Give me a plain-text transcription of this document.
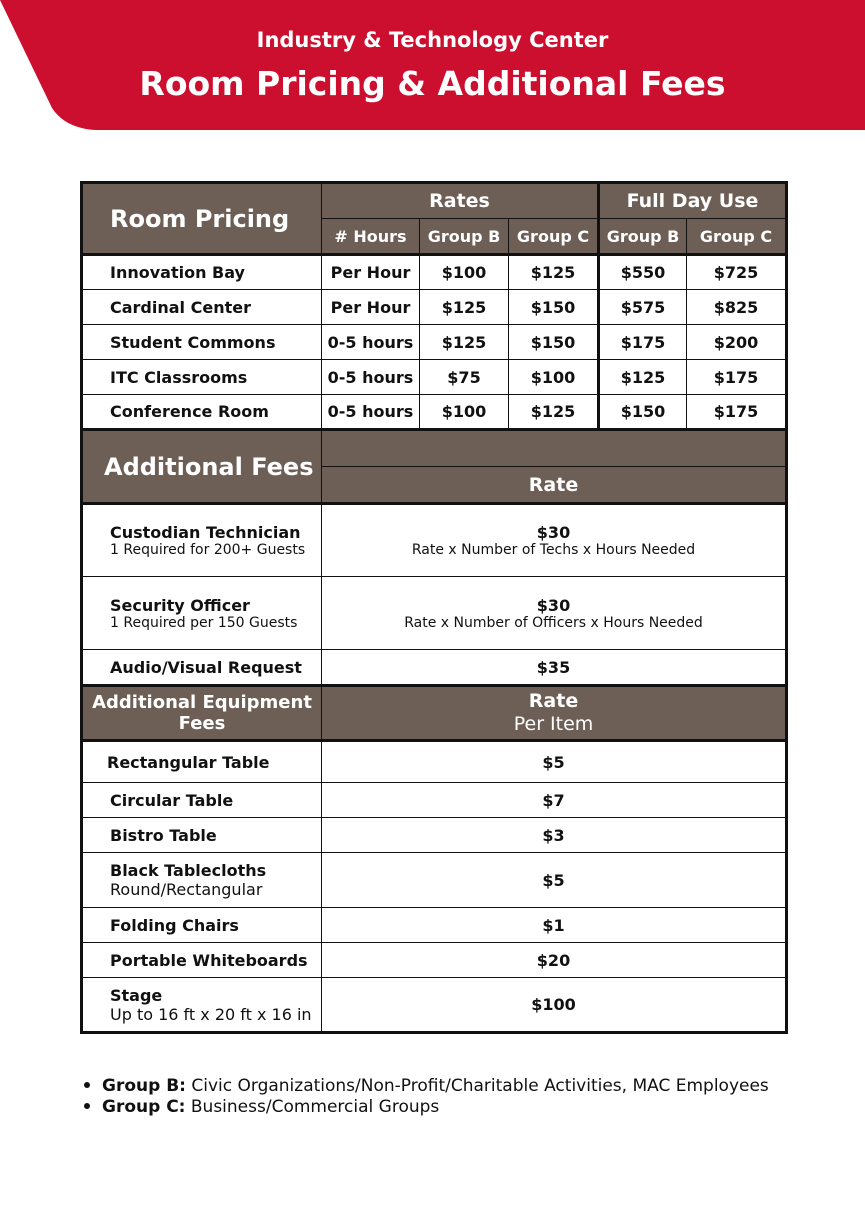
Industry & Technology Center
Room Pricing & Additional Fees
Room Pricing	Rates			Full Day Use	
	# Hours	Group B	Group C	Group B	Group C
Innovation Bay	Per Hour	$100	$125	$550	$725
Cardinal Center	Per Hour	$125	$150	$575	$825
Student Commons	0-5 hours	$125	$150	$175	$200
ITC Classrooms	0-5 hours	$75	$100	$125	$175
Conference Room	0-5 hours	$100	$125	$150	$175
Additional Fees					
	Rate				
Custodian Technician
1 Required for 200+ Guests	$30
Rate x Number of Techs x Hours Needed				

Security Officer
1 Required per 150 Guests	$30
Rate x Number of Officers x Hours Needed				

Audio/Visual Request	$35				
Additional Equipment Fees	Rate
Per Item				

Rectangular Table	$5				
Circular Table	$7				
Bistro Table	$3				
Black Tablecloths
Round/Rectangular	$5				
Folding Chairs	$1				
Portable Whiteboards	$20				
Stage
Up to 16 ft x 20 ft x 16 in	$100				
Group B: Civic Organizations/Non-Profit/Charitable Activities, MAC Employees
Group C: Business/Commercial Groups
